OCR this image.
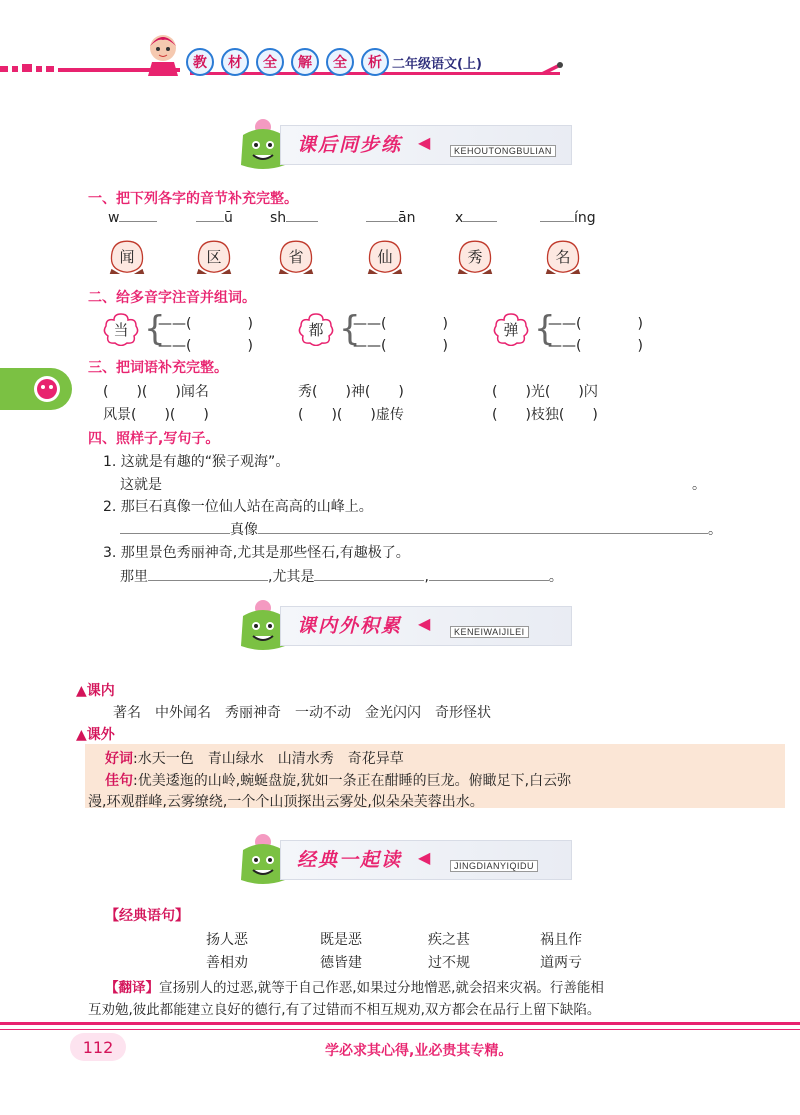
教	材	全	解	全	析 二年级语文(上)
课后同步练 ◀	KEHOUTONGBULIAN
一、把下列各字的音节补充完整。
w	ū	sh	ān	x	íng
闻	区	省	仙	秀	名
二、给多音字注音并组词。
当 {
——(　　　　)
——(　　　　)
都 {
——(　　　　)
——(　　　　)
弹 {
——(　　　　)
——(　　　　)
三、把词语补充完整。
(　　)(　　)闻名	秀(　　)神(　　)	(　　)光(　　)闪
风景(　　)(　　)	(　　)(　　)虚传	(　　)枝独(　　)
四、照样子,写句子。
1. 这就是有趣的“猴子观海”。
这就是	。
2. 那巨石真像一位仙人站在高高的山峰上。
真像	。
3. 那里景色秀丽神奇,尤其是那些怪石,有趣极了。
那里	,尤其是	,	。
课内外积累 ◀	KENEIWAIJILEI
▲课内
著名　中外闻名　秀丽神奇　一动不动　金光闪闪　奇形怪状
▲课外
好词:水天一色　青山绿水　山清水秀　奇花异草
佳句:优美逶迤的山岭,蜿蜒盘旋,犹如一条正在酣睡的巨龙。俯瞰足下,白云弥
漫,环观群峰,云雾缭绕,一个个山顶探出云雾处,似朵朵芙蓉出水。
经典一起读 ◀	JINGDIANYIQIDU
【经典语句】
扬人恶	既是恶	疾之甚	祸且作
善相劝	德皆建	过不规	道两亏
【翻译】宣扬别人的过恶,就等于自己作恶,如果过分地憎恶,就会招来灾祸。行善能相
互劝勉,彼此都能建立良好的德行,有了过错而不相互规劝,双方都会在品行上留下缺陷。
112	学必求其心得,业必贵其专精。
